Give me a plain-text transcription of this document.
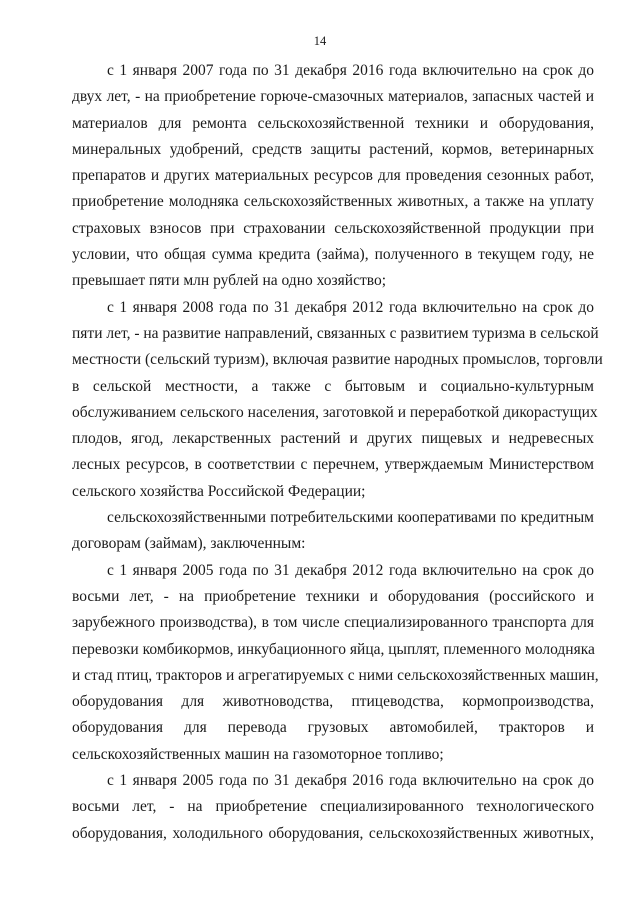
14

с 1 января 2007 года по 31 декабря 2016 года включительно на срок до
двух лет, - на приобретение горюче-смазочных материалов, запасных частей и
материалов для ремонта сельскохозяйственной техники и оборудования,
минеральных удобрений, средств защиты растений, кормов, ветеринарных
препаратов и других материальных ресурсов для проведения сезонных работ,
приобретение молодняка сельскохозяйственных животных, а также на уплату
страховых взносов при страховании сельскохозяйственной продукции при
условии, что общая сумма кредита (займа), полученного в текущем году, не
превышает пяти млн рублей на одно хозяйство;

с 1 января 2008 года по 31 декабря 2012 года включительно на срок до
пяти лет, - на развитие направлений, связанных с развитием туризма в сельской
местности (сельский туризм), включая развитие народных промыслов, торговли
в сельской местности, а также с бытовым и социально-культурным
обслуживанием сельского населения, заготовкой и переработкой дикорастущих
плодов, ягод, лекарственных растений и других пищевых и недревесных
лесных ресурсов, в соответствии с перечнем, утверждаемым Министерством
сельского хозяйства Российской Федерации;

сельскохозяйственными потребительскими кооперативами по кредитным
договорам (займам), заключенным:

с 1 января 2005 года по 31 декабря 2012 года включительно на срок до
восьми лет, - на приобретение техники и оборудования (российского и
зарубежного производства), в том числе специализированного транспорта для
перевозки комбикормов, инкубационного яйца, цыплят, племенного молодняка
и стад птиц, тракторов и агрегатируемых с ними сельскохозяйственных машин,
оборудования для животноводства, птицеводства, кормопроизводства,
оборудования для перевода грузовых автомобилей, тракторов и
сельскохозяйственных машин на газомоторное топливо;

с 1 января 2005 года по 31 декабря 2016 года включительно на срок до
восьми лет, - на приобретение специализированного технологического
оборудования, холодильного оборудования, сельскохозяйственных животных,
